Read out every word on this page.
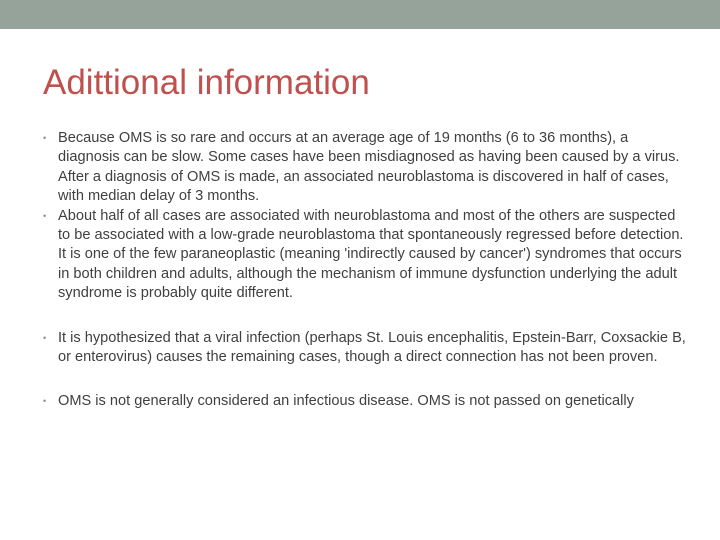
Adittional information
• Because OMS is so rare and occurs at an average age of 19 months (6 to 36 months), a diagnosis can be slow. Some cases have been misdiagnosed as having been caused by a virus. After a diagnosis of OMS is made, an associated neuroblastoma is discovered in half of cases, with median delay of 3 months.
• About half of all cases are associated with neuroblastoma and most of the others are suspected to be associated with a low-grade neuroblastoma that spontaneously regressed before detection. It is one of the few paraneoplastic (meaning 'indirectly caused by cancer') syndromes that occurs in both children and adults, although the mechanism of immune dysfunction underlying the adult syndrome is probably quite different.
• It is hypothesized that a viral infection (perhaps St. Louis encephalitis, Epstein-Barr, Coxsackie B, or enterovirus) causes the remaining cases, though a direct connection has not been proven.
• OMS is not generally considered an infectious disease. OMS is not passed on genetically
